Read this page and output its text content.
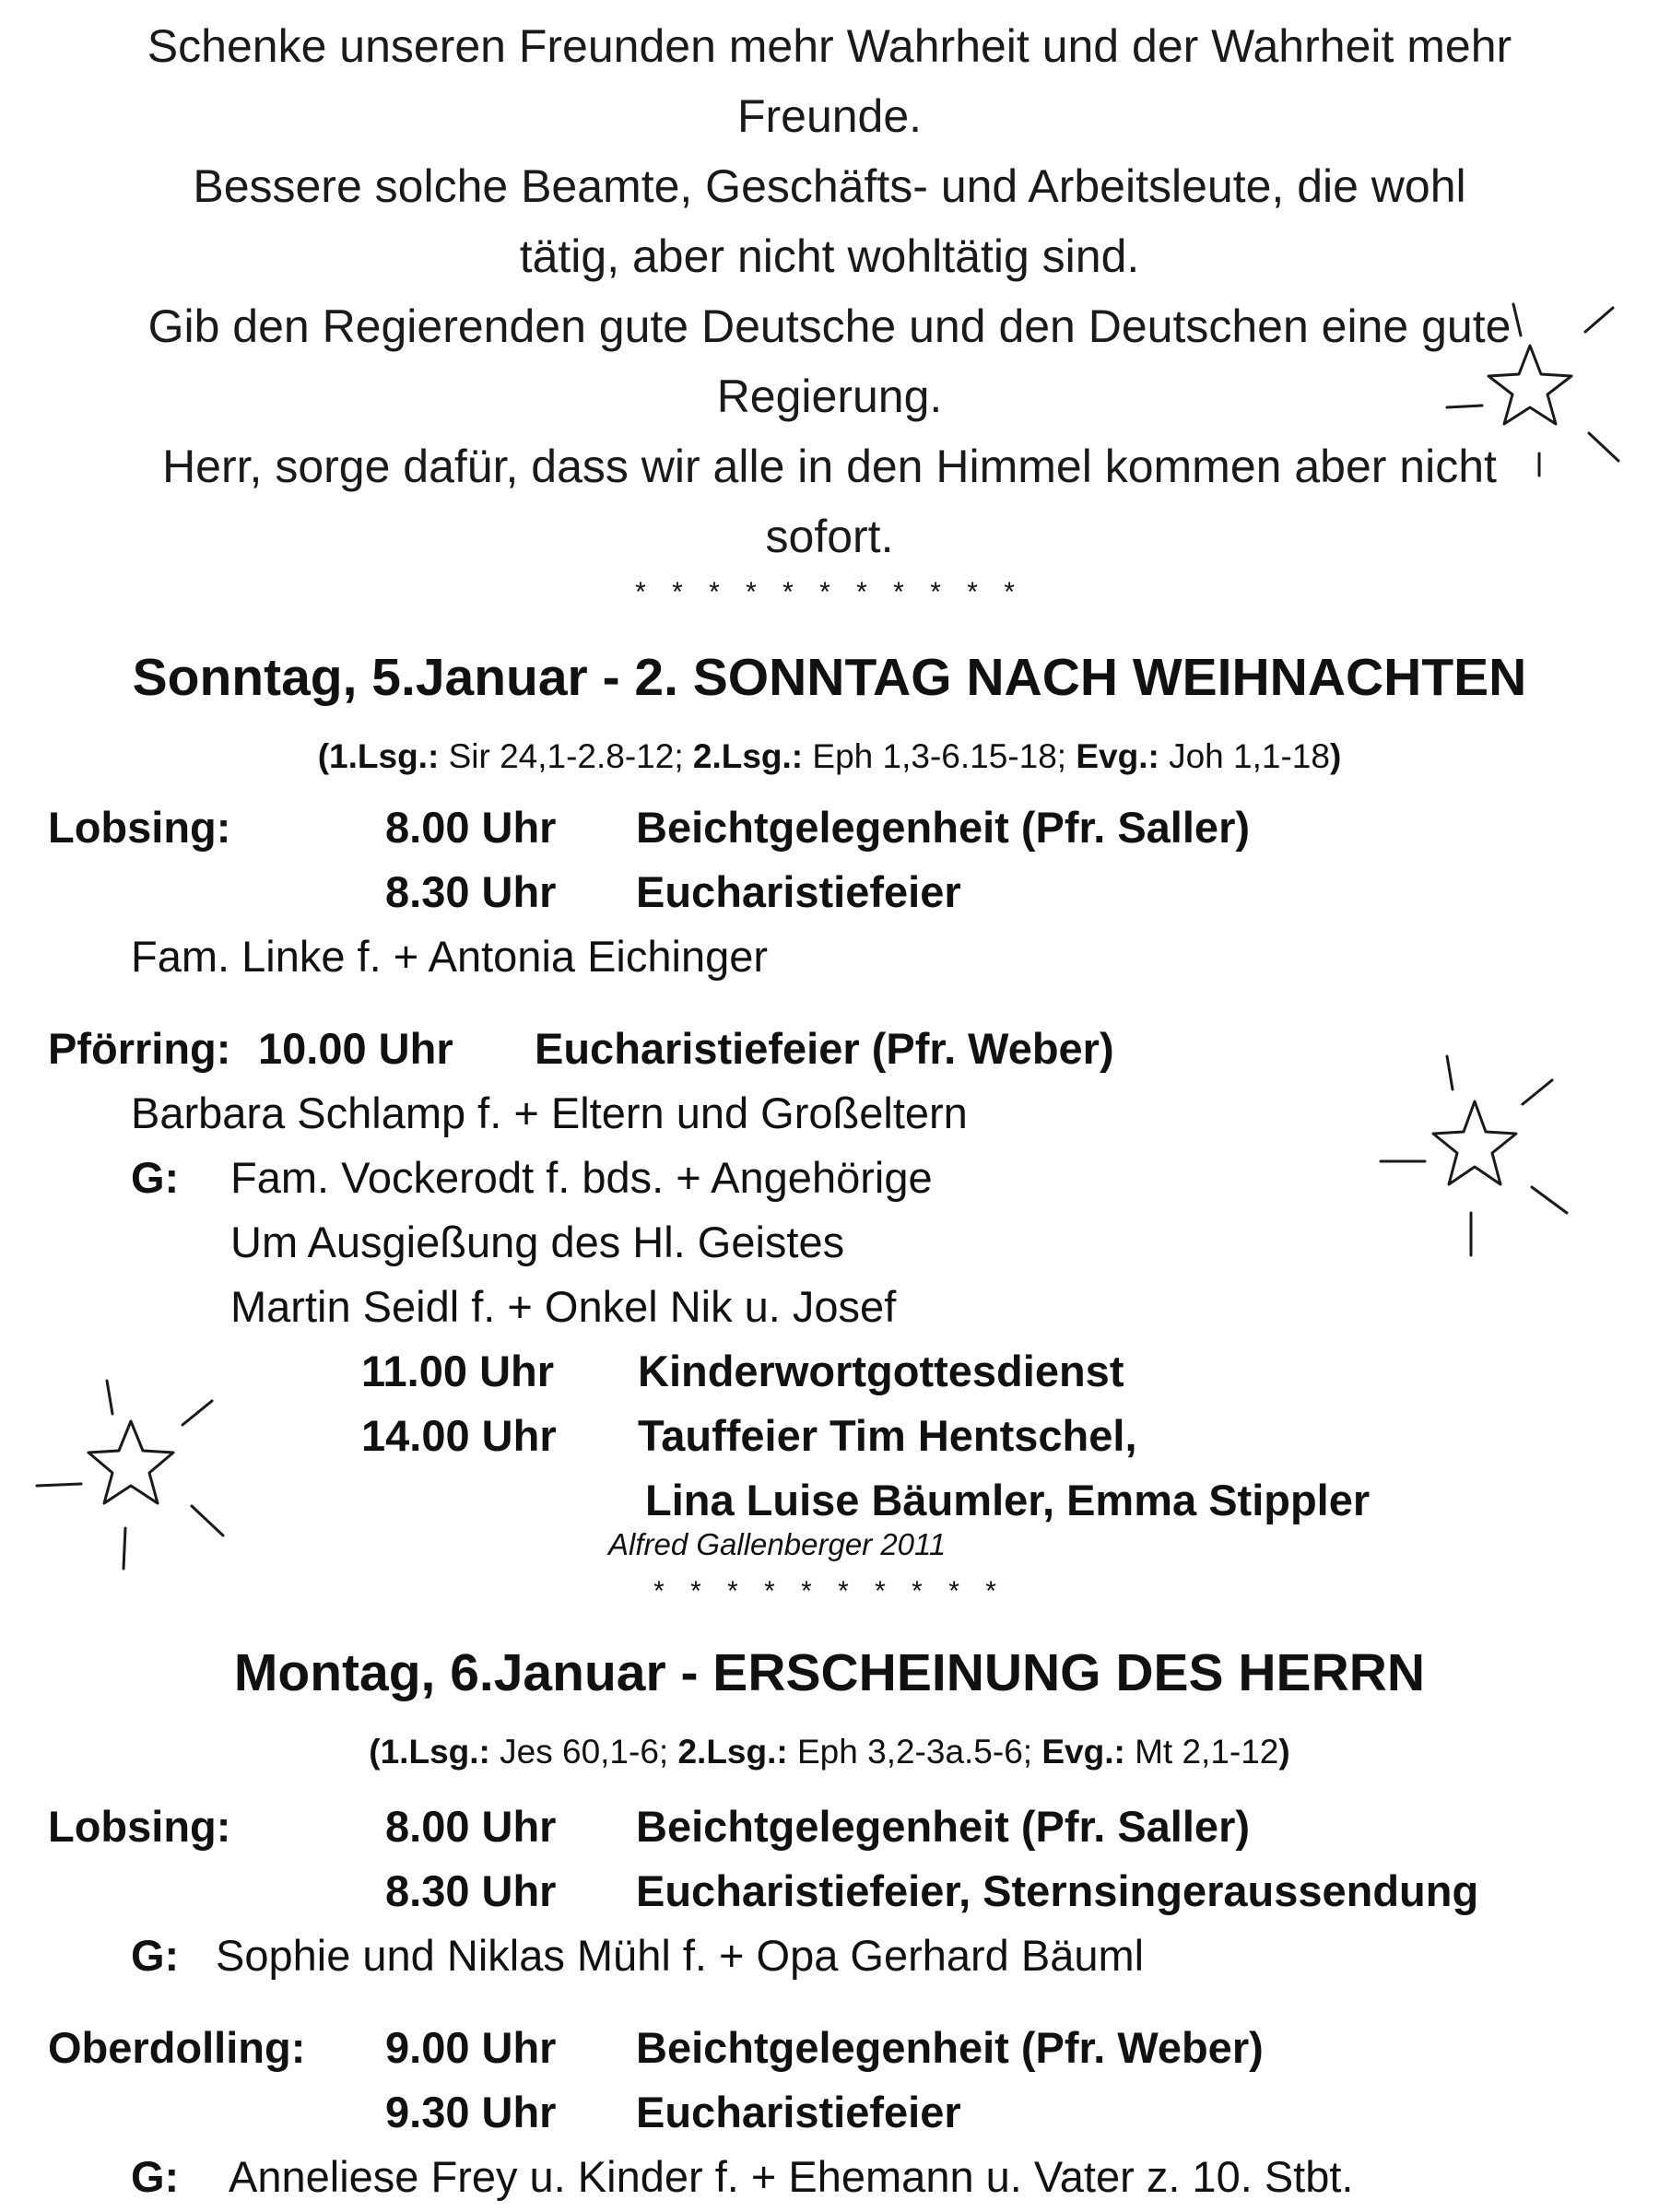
Schenke unseren Freunden mehr Wahrheit und der Wahrheit mehr
Freunde.
Bessere solche Beamte, Geschäfts- und Arbeitsleute, die wohl
tätig, aber nicht wohltätig sind.
Gib den Regierenden gute Deutsche und den Deutschen eine gute
Regierung.
Herr, sorge dafür, dass wir alle in den Himmel kommen aber nicht
sofort.
* * * * * * * * * * *
Sonntag, 5.Januar - 2. SONNTAG NACH WEIHNACHTEN
(1.Lsg.: Sir 24,1-2.8-12; 2.Lsg.: Eph 1,3-6.15-18; Evg.: Joh 1,1-18)
Lobsing:	8.00 Uhr Beichtgelegenheit (Pfr. Saller)
8.30 Uhr Eucharistiefeier
Fam. Linke f. + Antonia Eichinger
Pförring: 10.00 Uhr Eucharistiefeier (Pfr. Weber)
Barbara Schlamp f. + Eltern und Großeltern
G: Fam. Vockerodt f. bds. + Angehörige
Um Ausgießung des Hl. Geistes
Martin Seidl f. + Onkel Nik u. Josef
11.00 Uhr Kinderwortgottesdienst
14.00 Uhr Tauffeier Tim Hentschel,
Lina Luise Bäumler, Emma Stippler
Alfred Gallenberger 2011
* * * * * * * * * *
Montag, 6.Januar - ERSCHEINUNG DES HERRN
(1.Lsg.: Jes 60,1-6; 2.Lsg.: Eph 3,2-3a.5-6; Evg.: Mt 2,1-12)
Lobsing:	8.00 Uhr Beichtgelegenheit (Pfr. Saller)
8.30 Uhr Eucharistiefeier, Sternsingeraussendung
G: Sophie und Niklas Mühl f. + Opa Gerhard Bäuml
Oberdolling: 9.00 Uhr Beichtgelegenheit (Pfr. Weber)
9.30 Uhr Eucharistiefeier
G: Anneliese Frey u. Kinder f. + Ehemann u. Vater z. 10. Stbt.
